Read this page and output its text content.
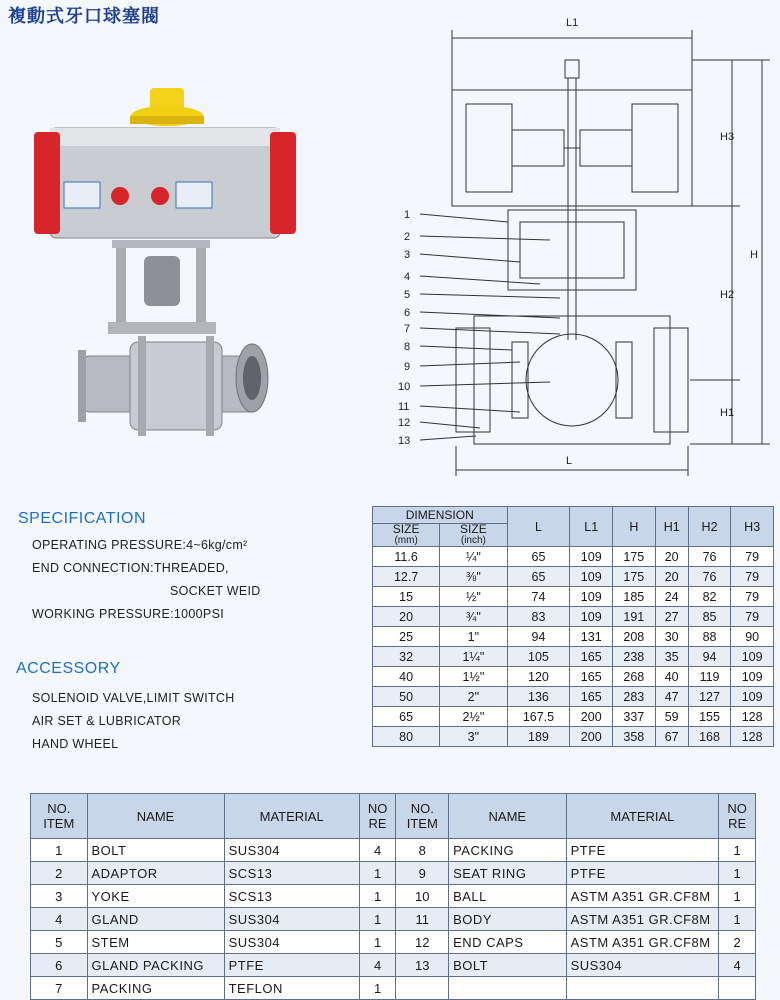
複動式牙口球塞閥	L1
L
H3
H
H2
H1
1
2
3
4
5
6
7
8
9
10
11
12
13
SPECIFICATION
OPERATING PRESSURE:4~6kg/cm²
END CONNECTION:THREADED,
SOCKET WEID
WORKING PRESSURE:1000PSI
ACCESSORY
SOLENOID VALVE,LIMIT SWITCH
AIR SET & LUBRICATOR
HAND WHEEL
DIMENSION		L	L1	H	H1	H2	H3
SIZE
(mm)	SIZE
(inch)						

11.6	¼"	65	109	175	20	76	79
12.7	⅜"	65	109	175	20	76	79
15	½"	74	109	185	24	82	79
20	¾"	83	109	191	27	85	79
25	1"	94	131	208	30	88	90
32	1¼"	105	165	238	35	94	109
40	1½"	120	165	268	40	119	109
50	2"	136	165	283	47	127	109
65	2½"	167.5	200	337	59	155	128
80	3"	189	200	358	67	168	128
NO.
ITEM	NAME	MATERIAL	NO
RE	NO.
ITEM	NAME	MATERIAL	NO
RE
1	BOLT	SUS304	4	8	PACKING	PTFE	1
2	ADAPTOR	SCS13	1	9	SEAT RING	PTFE	1
3	YOKE	SCS13	1	10	BALL	ASTM A351 GR.CF8M	1
4	GLAND	SUS304	1	11	BODY	ASTM A351 GR.CF8M	1
5	STEM	SUS304	1	12	END CAPS	ASTM A351 GR.CF8M	2
6	GLAND PACKING	PTFE	4	13	BOLT	SUS304	4
7	PACKING	TEFLON	1				
